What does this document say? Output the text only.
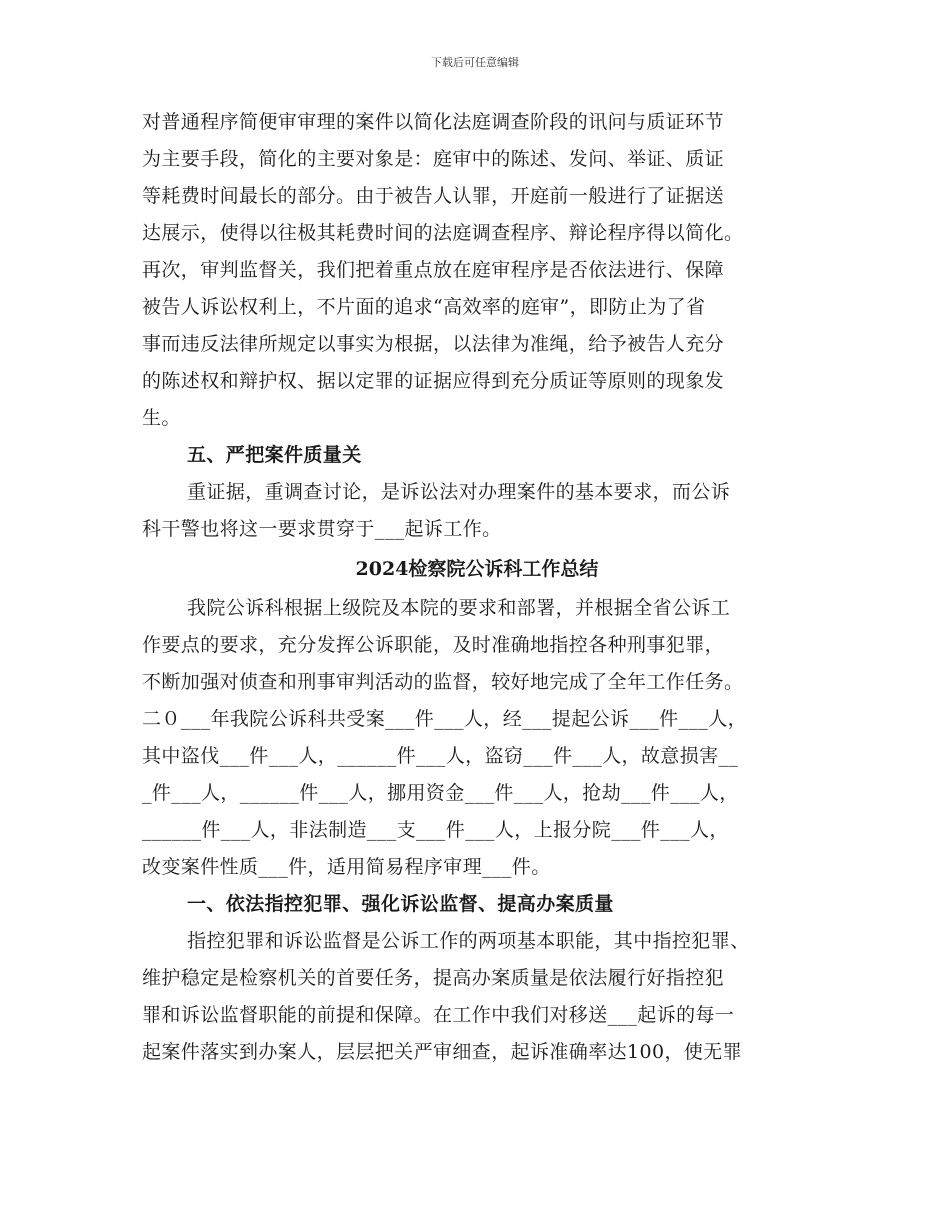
下载后可任意编辑
对普通程序简便审审理的案件以简化法庭调查阶段的讯问与质证环节
为主要手段，简化的主要对象是：庭审中的陈述、发问、举证、质证
等耗费时间最长的部分。由于被告人认罪，开庭前一般进行了证据送
达展示，使得以往极其耗费时间的法庭调查程序、辩论程序得以简化。
再次，审判监督关，我们把着重点放在庭审程序是否依法进行、保障
被告人诉讼权利上，不片面的追求“高效率的庭审”，即防止为了省
事而违反法律所规定以事实为根据，以法律为准绳，给予被告人充分
的陈述权和辩护权、据以定罪的证据应得到充分质证等原则的现象发
生。
五、严把案件质量关
重证据，重调查讨论，是诉讼法对办理案件的基本要求，而公诉
科干警也将这一要求贯穿于___起诉工作。
2024检察院公诉科工作总结
我院公诉科根据上级院及本院的要求和部署，并根据全省公诉工
作要点的要求，充分发挥公诉职能，及时准确地指控各种刑事犯罪，
不断加强对侦查和刑事审判活动的监督，较好地完成了全年工作任务。
二０___年我院公诉科共受案___件___人，经___提起公诉___件___人，
其中盗伐___件___人，______件___人，盗窃___件___人，故意损害__
_件___人，______件___人，挪用资金___件___人，抢劫___件___人，
______件___人，非法制造___支___件___人，上报分院___件___人，
改变案件性质___件，适用简易程序审理___件。
一、依法指控犯罪、强化诉讼监督、提高办案质量
指控犯罪和诉讼监督是公诉工作的两项基本职能，其中指控犯罪、
维护稳定是检察机关的首要任务，提高办案质量是依法履行好指控犯
罪和诉讼监督职能的前提和保障。在工作中我们对移送___起诉的每一
起案件落实到办案人，层层把关严审细查，起诉准确率达100，使无罪
